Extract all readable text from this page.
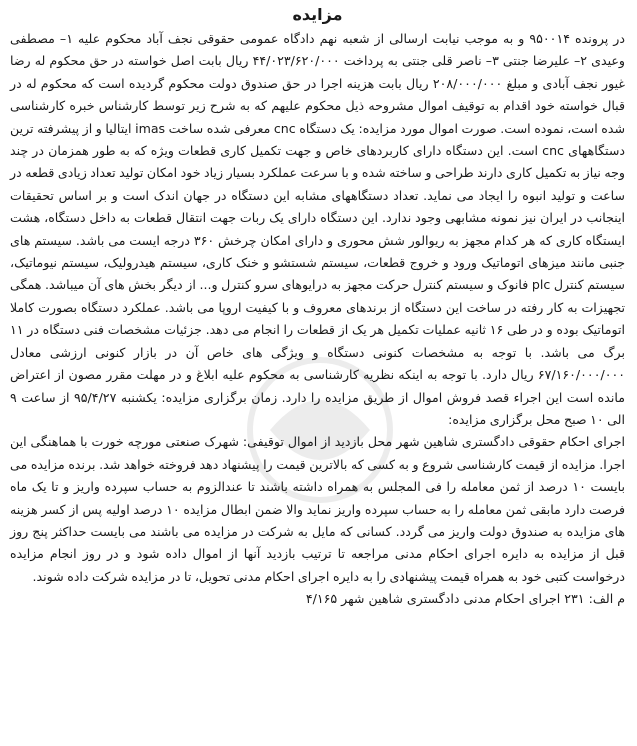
مزایده

در پرونده ۹۵۰۰۱۴ و به موجب نیابت ارسالی از شعبه نهم دادگاه عمومی حقوقی نجف آباد محکوم علیه ۱– مصطفی وعیدی ۲– علیرضا جنتی ۳– ناصر قلی جنتی به پرداخت ۴۴/۰۲۳/۶۲۰/۰۰۰ ریال بابت اصل خواسته در حق محکوم له رضا غیور نجف آبادی و مبلغ ۲۰۸/۰۰۰/۰۰۰ ریال بابت هزینه اجرا در حق صندوق دولت محکوم گردیده است که محکوم له در قبال خواسته خود اقدام به توقیف اموال مشروحه ذیل محکوم علیهم که به شرح زیر توسط کارشناس خبره کارشناسی شده است، نموده است. صورت اموال مورد مزایده: یک دستگاه cnc معرفی شده ساخت imas ایتالیا و از پیشرفته ترین دستگاههای cnc است. این دستگاه دارای کاربردهای خاص و جهت تکمیل کاری قطعات ویژه که به طور همزمان در چند وجه نیاز به تکمیل کاری دارند طراحی و ساخته شده و با سرعت عملکرد بسیار زیاد خود امکان تولید تعداد زیادی قطعه در ساعت و تولید انبوه را ایجاد می نماید. تعداد دستگاههای مشابه این دستگاه در جهان اندک است و بر اساس تحقیقات اینجانب در ایران نیز نمونه مشابهی وجود ندارد. این دستگاه دارای یک ربات جهت انتقال قطعات به داخل دستگاه، هشت ایستگاه کاری که هر کدام مجهز به ریوالور شش محوری و دارای امکان چرخش ۳۶۰ درجه ایست می باشد. سیستم های جنبی مانند میزهای اتوماتیک ورود و خروج قطعات، سیستم شستشو و خنک کاری، سیستم هیدرولیک، سیستم نیوماتیک، سیستم کنترل plc فانوک و سیستم کنترل حرکت مجهز به درایوهای سرو کنترل و... از دیگر بخش های آن میباشد. همگی تجهیزات به کار رفته در ساخت این دستگاه از برندهای معروف و با کیفیت اروپا می باشد. عملکرد دستگاه بصورت کاملا اتوماتیک بوده و در طی ۱۶ ثانیه عملیات تکمیل هر یک از قطعات را انجام می دهد. جزئیات مشخصات فنی دستگاه در ۱۱ برگ می باشد. با توجه به مشخصات کنونی دستگاه و ویژگی های خاص آن در بازار کنونی ارزشی معادل ۶۷/۱۶۰/۰۰۰/۰۰۰ ریال دارد. با توجه به اینکه نظریه کارشناسی به محکوم علیه ابلاغ و در مهلت مقرر مصون از اعتراض مانده است این اجراء قصد فروش اموال از طریق مزایده را دارد. زمان برگزاری مزایده: یکشنبه ۹۵/۴/۲۷ از ساعت ۹ الی ۱۰ صبح محل برگزاری مزایده:

اجرای احکام حقوقی دادگستری شاهین شهر محل بازدید از اموال توقیفی: شهرک صنعتی مورچه خورت با هماهنگی این اجرا. مزایده از قیمت کارشناسی شروع و به کسی که بالاترین قیمت را پیشنهاد دهد فروخته خواهد شد. برنده مزایده می بایست ۱۰ درصد از ثمن معامله را فی المجلس به همراه داشته باشند تا عندالزوم به حساب سپرده واریز و تا یک ماه فرصت دارد مابقی ثمن معامله را به حساب سپرده واریز نماید والا ضمن ابطال مزایده ۱۰ درصد اولیه پس از کسر هزینه های مزایده به صندوق دولت واریز می گردد. کسانی که مایل به شرکت در مزایده می باشند می بایست حداکثر پنج روز قبل از مزایده به دایره اجرای احکام مدنی مراجعه تا ترتیب بازدید آنها از اموال داده شود و در روز انجام مزایده درخواست کتبی خود به همراه قیمت پیشنهادی را به دایره اجرای احکام مدنی تحویل، تا در مزایده شرکت داده شوند.

م الف: ۲۳۱ اجرای احکام مدنی دادگستری شاهین شهر ۴/۱۶۵
